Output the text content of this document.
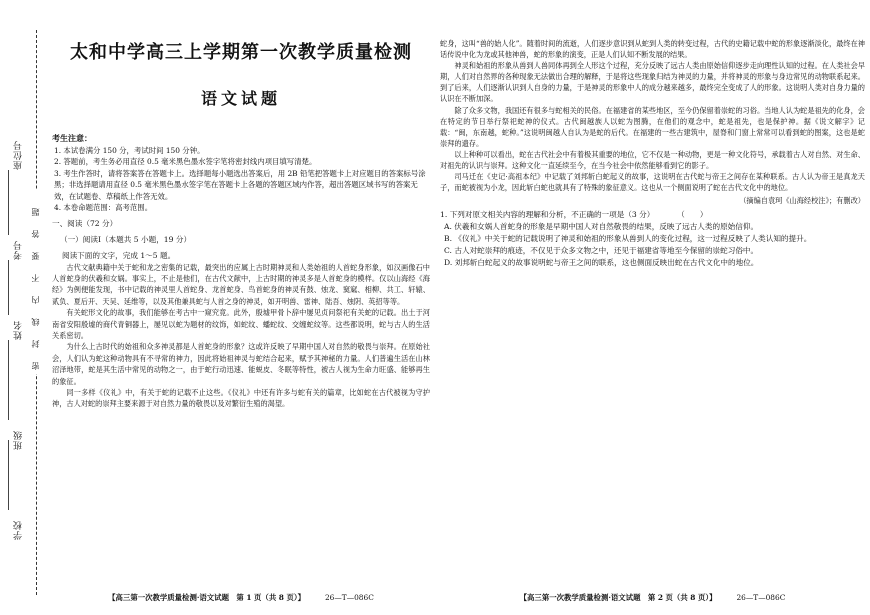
学校
班级
姓名
考号
座位号
密封线内不要答题
太和中学高三上学期第一次教学质量检测
语文试题
考生注意：

1. 本试卷满分 150 分，考试时间 150 分钟。

2. 答题前，考生务必用直径 0.5 毫米黑色墨水签字笔将密封线内项目填写清楚。

3. 考生作答时，请将答案答在答题卡上。选择题每小题选出答案后，用 2B 铅笔把答题卡上对应题目的答案标号涂黑；非选择题请用直径 0.5 毫米黑色墨水签字笔在答题卡上各题的答题区域内作答，超出答题区域书写的答案无效，在试题卷、草稿纸上作答无效。

4. 本卷命题范围：高考范围。

一、阅读（72 分）
（一）阅读Ⅰ（本题共 5 小题，19 分）
阅读下面的文字，完成 1～5 题。
古代文献典籍中关于蛇和龙之密集的记载，最突出的应属上古时期神灵和人类始祖的人首蛇身形象，如汉画像石中人首蛇身的伏羲和女娲。事实上，不止是他们，在古代文献中，上古时期的神灵多是人首蛇身的模样。仅以山海经《海经》为例便能发现，书中记载的神灵里人首蛇身、龙首蛇身、鸟首蛇身的神灵有鼓、烛龙、窫窳、相柳、共工、轩辕、贰负、夏后开、天吴、延维等，以及其他兼具蛇与人首之身的神灵，如开明兽、雷神、陆吾、烛阴、英招等等。
有关蛇形文化的故事，我们能够在考古中一窥究竟。此外，殷墟甲骨卜辞中屡见贞问祭祀有关蛇的记载。出土于河南省安阳殷墟的商代青铜器上，屡见以蛇为题材的纹饰，如蛇纹、蟠蛇纹、交缠蛇纹等。这些都说明，蛇与古人的生活关系密切。
为什么上古时代的始祖和众多神灵都是人首蛇身的形象？这或许反映了早期中国人对自然的敬畏与崇拜。在原始社会，人们认为蛇这种动物具有不寻常的神力，因此将始祖神灵与蛇结合起来，赋予其神秘的力量。人们普遍生活在山林沼泽地带，蛇是其生活中常见的动物之一，由于蛇行动迅速、能蜕皮、冬眠等特性，被古人视为生命力旺盛、能够再生的象征。
同一多样《仪礼》中，有关于蛇的记载不止这些。《仪礼》中还有许多与蛇有关的篇章，比如蛇在古代被视为守护神，古人对蛇的崇拜主要来源于对自然力量的敬畏以及对繁衍生殖的渴望。
【高三第一次教学质量检测·语文试题　第 1 页（共 8 页）】	26—T—086C
蛇身，这叫“兽的始人化”。随着时间的流逝，人们逐步意识到从蛇到人类的转变过程，古代的史籍记载中蛇的形象逐渐淡化，最终在神话传说中化为龙或其他神兽，蛇的形象的演变，正是人们认知不断发展的结果。
神灵和始祖的形象从兽到人兽同体再到全人形这个过程，充分反映了远古人类由原始信仰逐步走向理性认知的过程。在人类社会早期，人们对自然界的各种现象无法做出合理的解释，于是将这些现象归结为神灵的力量，并将神灵的形象与身边常见的动物联系起来。到了后来，人们逐渐认识到人自身的力量，于是神灵的形象中人的成分越来越多，最终完全变成了人的形象。这说明人类对自身力量的认识在不断加深。
除了众多文物，我国还有很多与蛇相关的民俗。在福建省的某些地区，至今仍保留着崇蛇的习俗。当地人认为蛇是祖先的化身，会在特定的节日举行祭祀蛇神的仪式。古代闽越族人以蛇为图腾，在他们的观念中，蛇是祖先，也是保护神。据《说文解字》记载：“闽，东南越，蛇种。”这说明闽越人自认为是蛇的后代。在福建的一些古建筑中，屋脊和门窗上常常可以看到蛇的图案，这也是蛇崇拜的遗存。
以上种种可以看出，蛇在古代社会中有着极其重要的地位，它不仅是一种动物，更是一种文化符号，承载着古人对自然、对生命、对祖先的认识与崇拜。这种文化一直延续至今，在当今社会中依然能够看到它的影子。
司马迁在《史记·高祖本纪》中记载了刘邦斩白蛇起义的故事，这说明在古代蛇与帝王之间存在某种联系。古人认为帝王是真龙天子，而蛇被视为小龙，因此斩白蛇也就具有了特殊的象征意义。这也从一个侧面说明了蛇在古代文化中的地位。
（摘编自袁珂《山海经校注》；有删改）
1. 下列对原文相关内容的理解和分析，不正确的一项是（3 分）　　　　（　　）
A. 伏羲和女娲人首蛇身的形象是早期中国人对自然敬畏的结果，反映了远古人类的原始信仰。
B. 《仪礼》中关于蛇的记载说明了神灵和始祖的形象从兽到人的变化过程，这一过程反映了人类认知的提升。
C. 古人对蛇崇拜的痕迹，不仅见于众多文物之中，还见于福建省等地至今保留的崇蛇习俗中。
D. 刘邦斩白蛇起义的故事说明蛇与帝王之间的联系，这也侧面反映出蛇在古代文化中的地位。
【高三第一次教学质量检测·语文试题　第 2 页（共 8 页）】	26—T—086C
